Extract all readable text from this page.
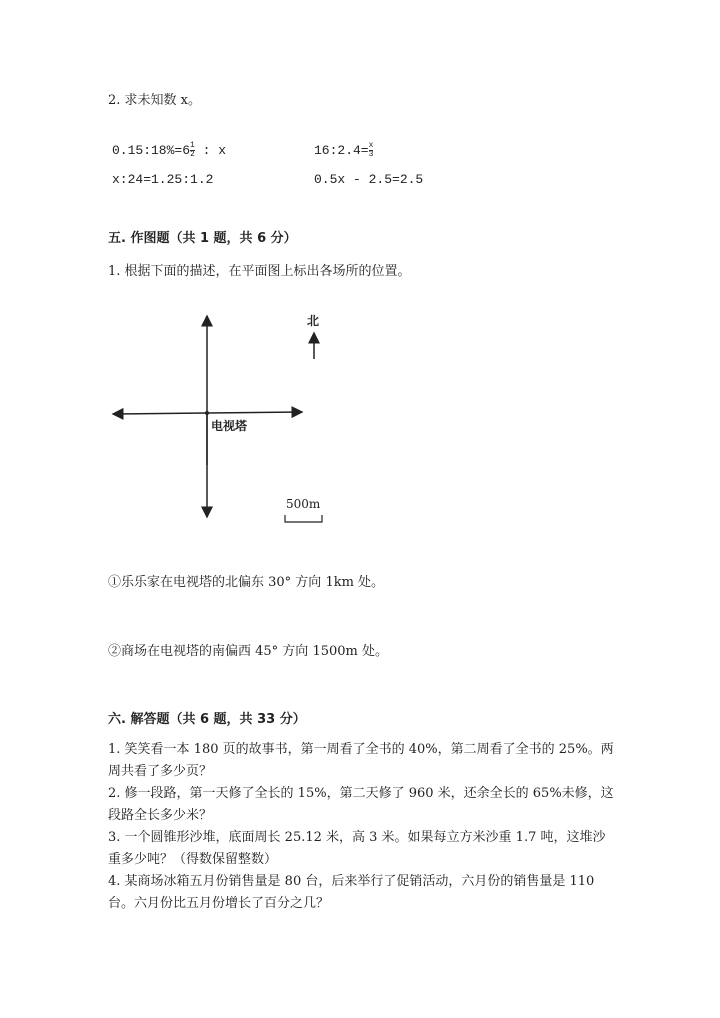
2. 求未知数 x。
0.15:18%=6 $\frac{1}{2}$ : x	16:2.4= $\frac{x}{3}$
x:24=1.25:1.2	0.5x - 2.5=2.5
五. 作图题（共 1 题，共 6 分）
1. 根据下面的描述，在平面图上标出各场所的位置。
电视塔
北
500m
①乐乐家在电视塔的北偏东 30° 方向 1km 处。
②商场在电视塔的南偏西 45° 方向 1500m 处。
六. 解答题（共 6 题，共 33 分）
1. 笑笑看一本 180 页的故事书，第一周看了全书的 40%，第二周看了全书的 25%。两周共看了多少页？
2. 修一段路，第一天修了全长的 15%，第二天修了 960 米，还余全长的 65%未修，这段路全长多少米？
3. 一个圆锥形沙堆，底面周长 25.12 米，高 3 米。如果每立方米沙重 1.7 吨，这堆沙重多少吨？（得数保留整数）
4. 某商场冰箱五月份销售量是 80 台，后来举行了促销活动，六月份的销售量是 110 台。六月份比五月份增长了百分之几？
